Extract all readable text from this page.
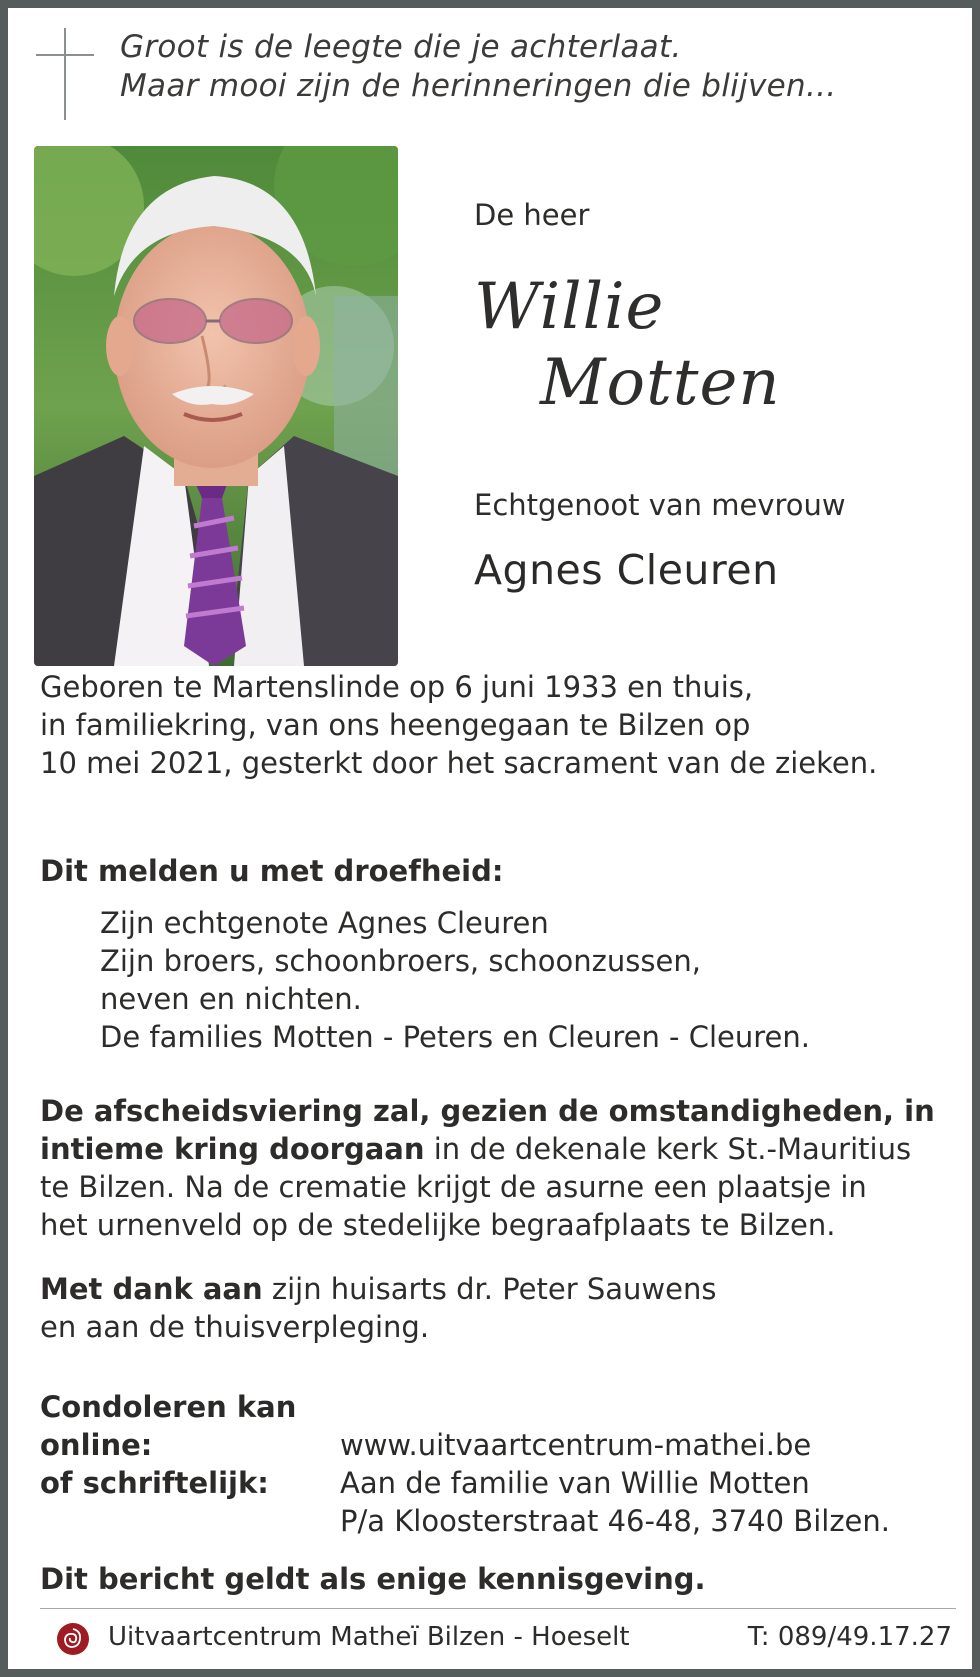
Groot is de leegte die je achterlaat.
Maar mooi zijn de herinneringen die blijven...
De heer
Willie
Motten
Echtgenoot van mevrouw
Agnes Cleuren
Geboren te Martenslinde op 6 juni 1933 en thuis,
in familiekring, van ons heengegaan te Bilzen op
10 mei 2021, gesterkt door het sacrament van de zieken.
Dit melden u met droefheid:
Zijn echtgenote Agnes Cleuren
Zijn broers, schoonbroers, schoonzussen,
neven en nichten.
De families Motten - Peters en Cleuren - Cleuren.
De afscheidsviering zal, gezien de omstandigheden, in
intieme kring doorgaan in de dekenale kerk St.-Mauritius
te Bilzen. Na de crematie krijgt de asurne een plaatsje in
het urnenveld op de stedelijke begraafplaats te Bilzen.
Met dank aan zijn huisarts dr. Peter Sauwens
en aan de thuisverpleging.
Condoleren kan
online:	www.uitvaartcentrum-mathei.be
of schriftelijk: Aan de familie van Willie Motten
P/a Kloosterstraat 46-48, 3740 Bilzen.
Dit bericht geldt als enige kennisgeving.
Uitvaartcentrum Matheï Bilzen - Hoeselt	T: 089/49.17.27
